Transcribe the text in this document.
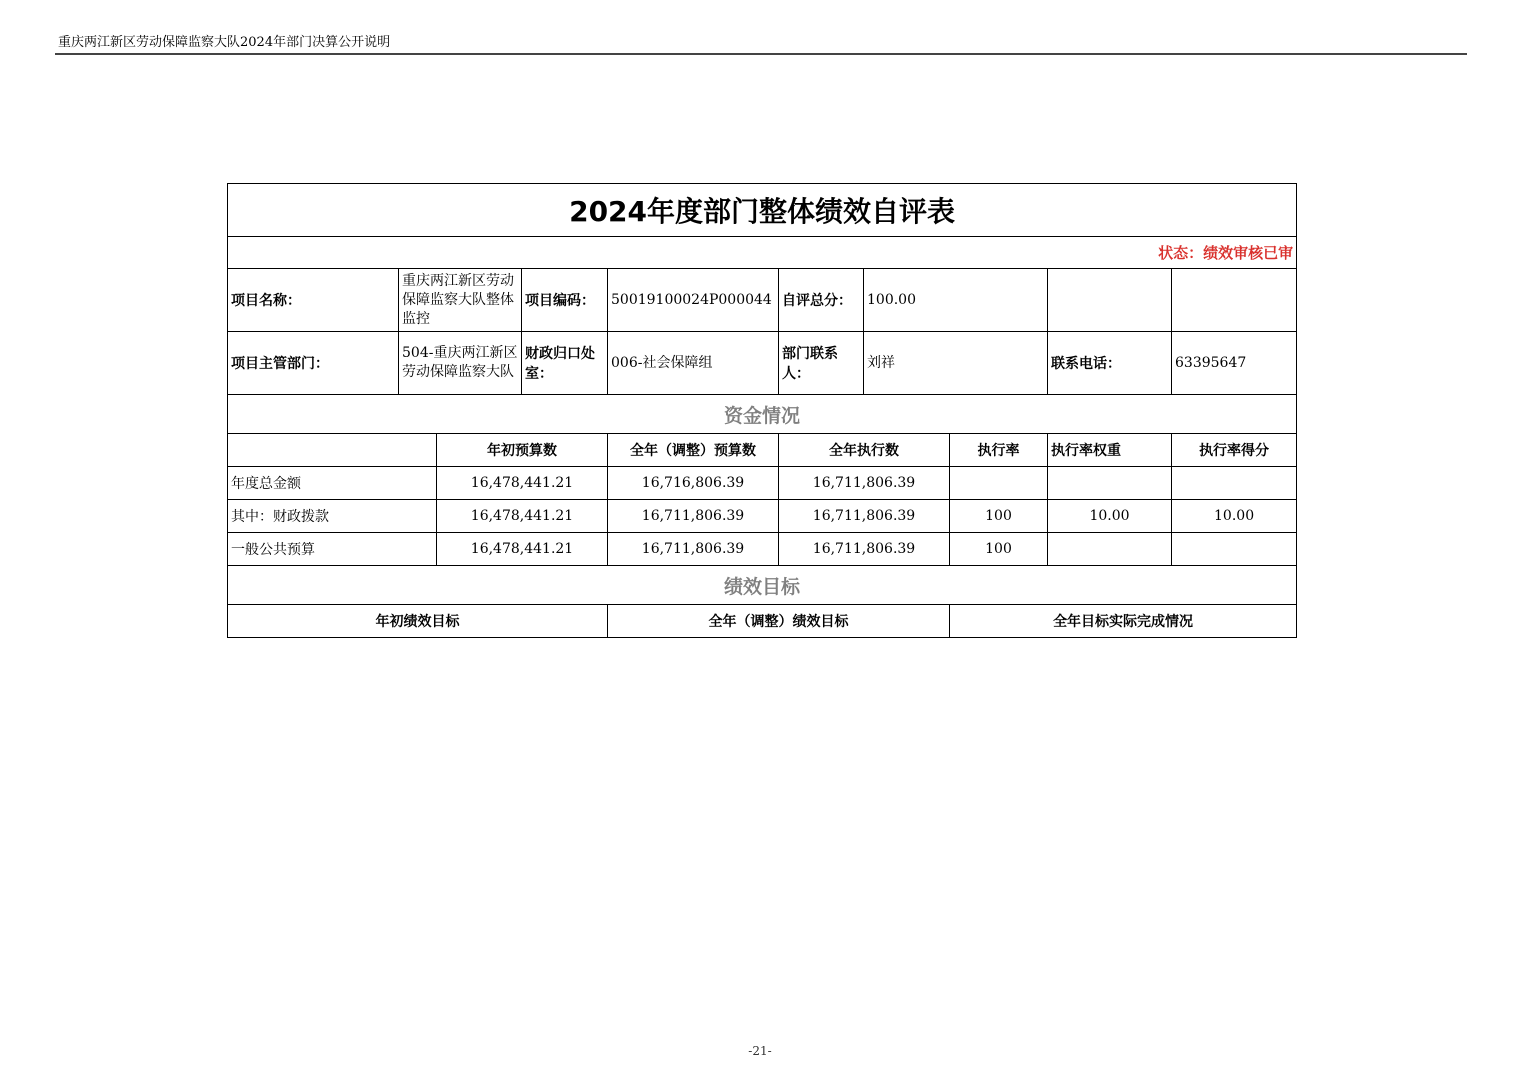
重庆两江新区劳动保障监察大队2024年部门决算公开说明
2024年度部门整体绩效自评表									
状态：绩效审核已审									
项目名称：	重庆两江新区劳动保障监察大队整体监控		项目编码：	50019100024P000044	自评总分：	100.00			
项目主管部门：	504-重庆两江新区劳动保障监察大队		财政归口处室：	006-社会保障组	部门联系人：	刘祥		联系电话：	63395647
资金情况									
		年初预算数		全年（调整）预算数	全年执行数		执行率	执行率权重	执行率得分
年度总金额		16,478,441.21		16,716,806.39	16,711,806.39				
其中：财政拨款		16,478,441.21		16,711,806.39	16,711,806.39		100	10.00	10.00
一般公共预算		16,478,441.21		16,711,806.39	16,711,806.39		100		
绩效目标									
年初绩效目标				全年（调整）绩效目标			全年目标实际完成情况		
-21-
